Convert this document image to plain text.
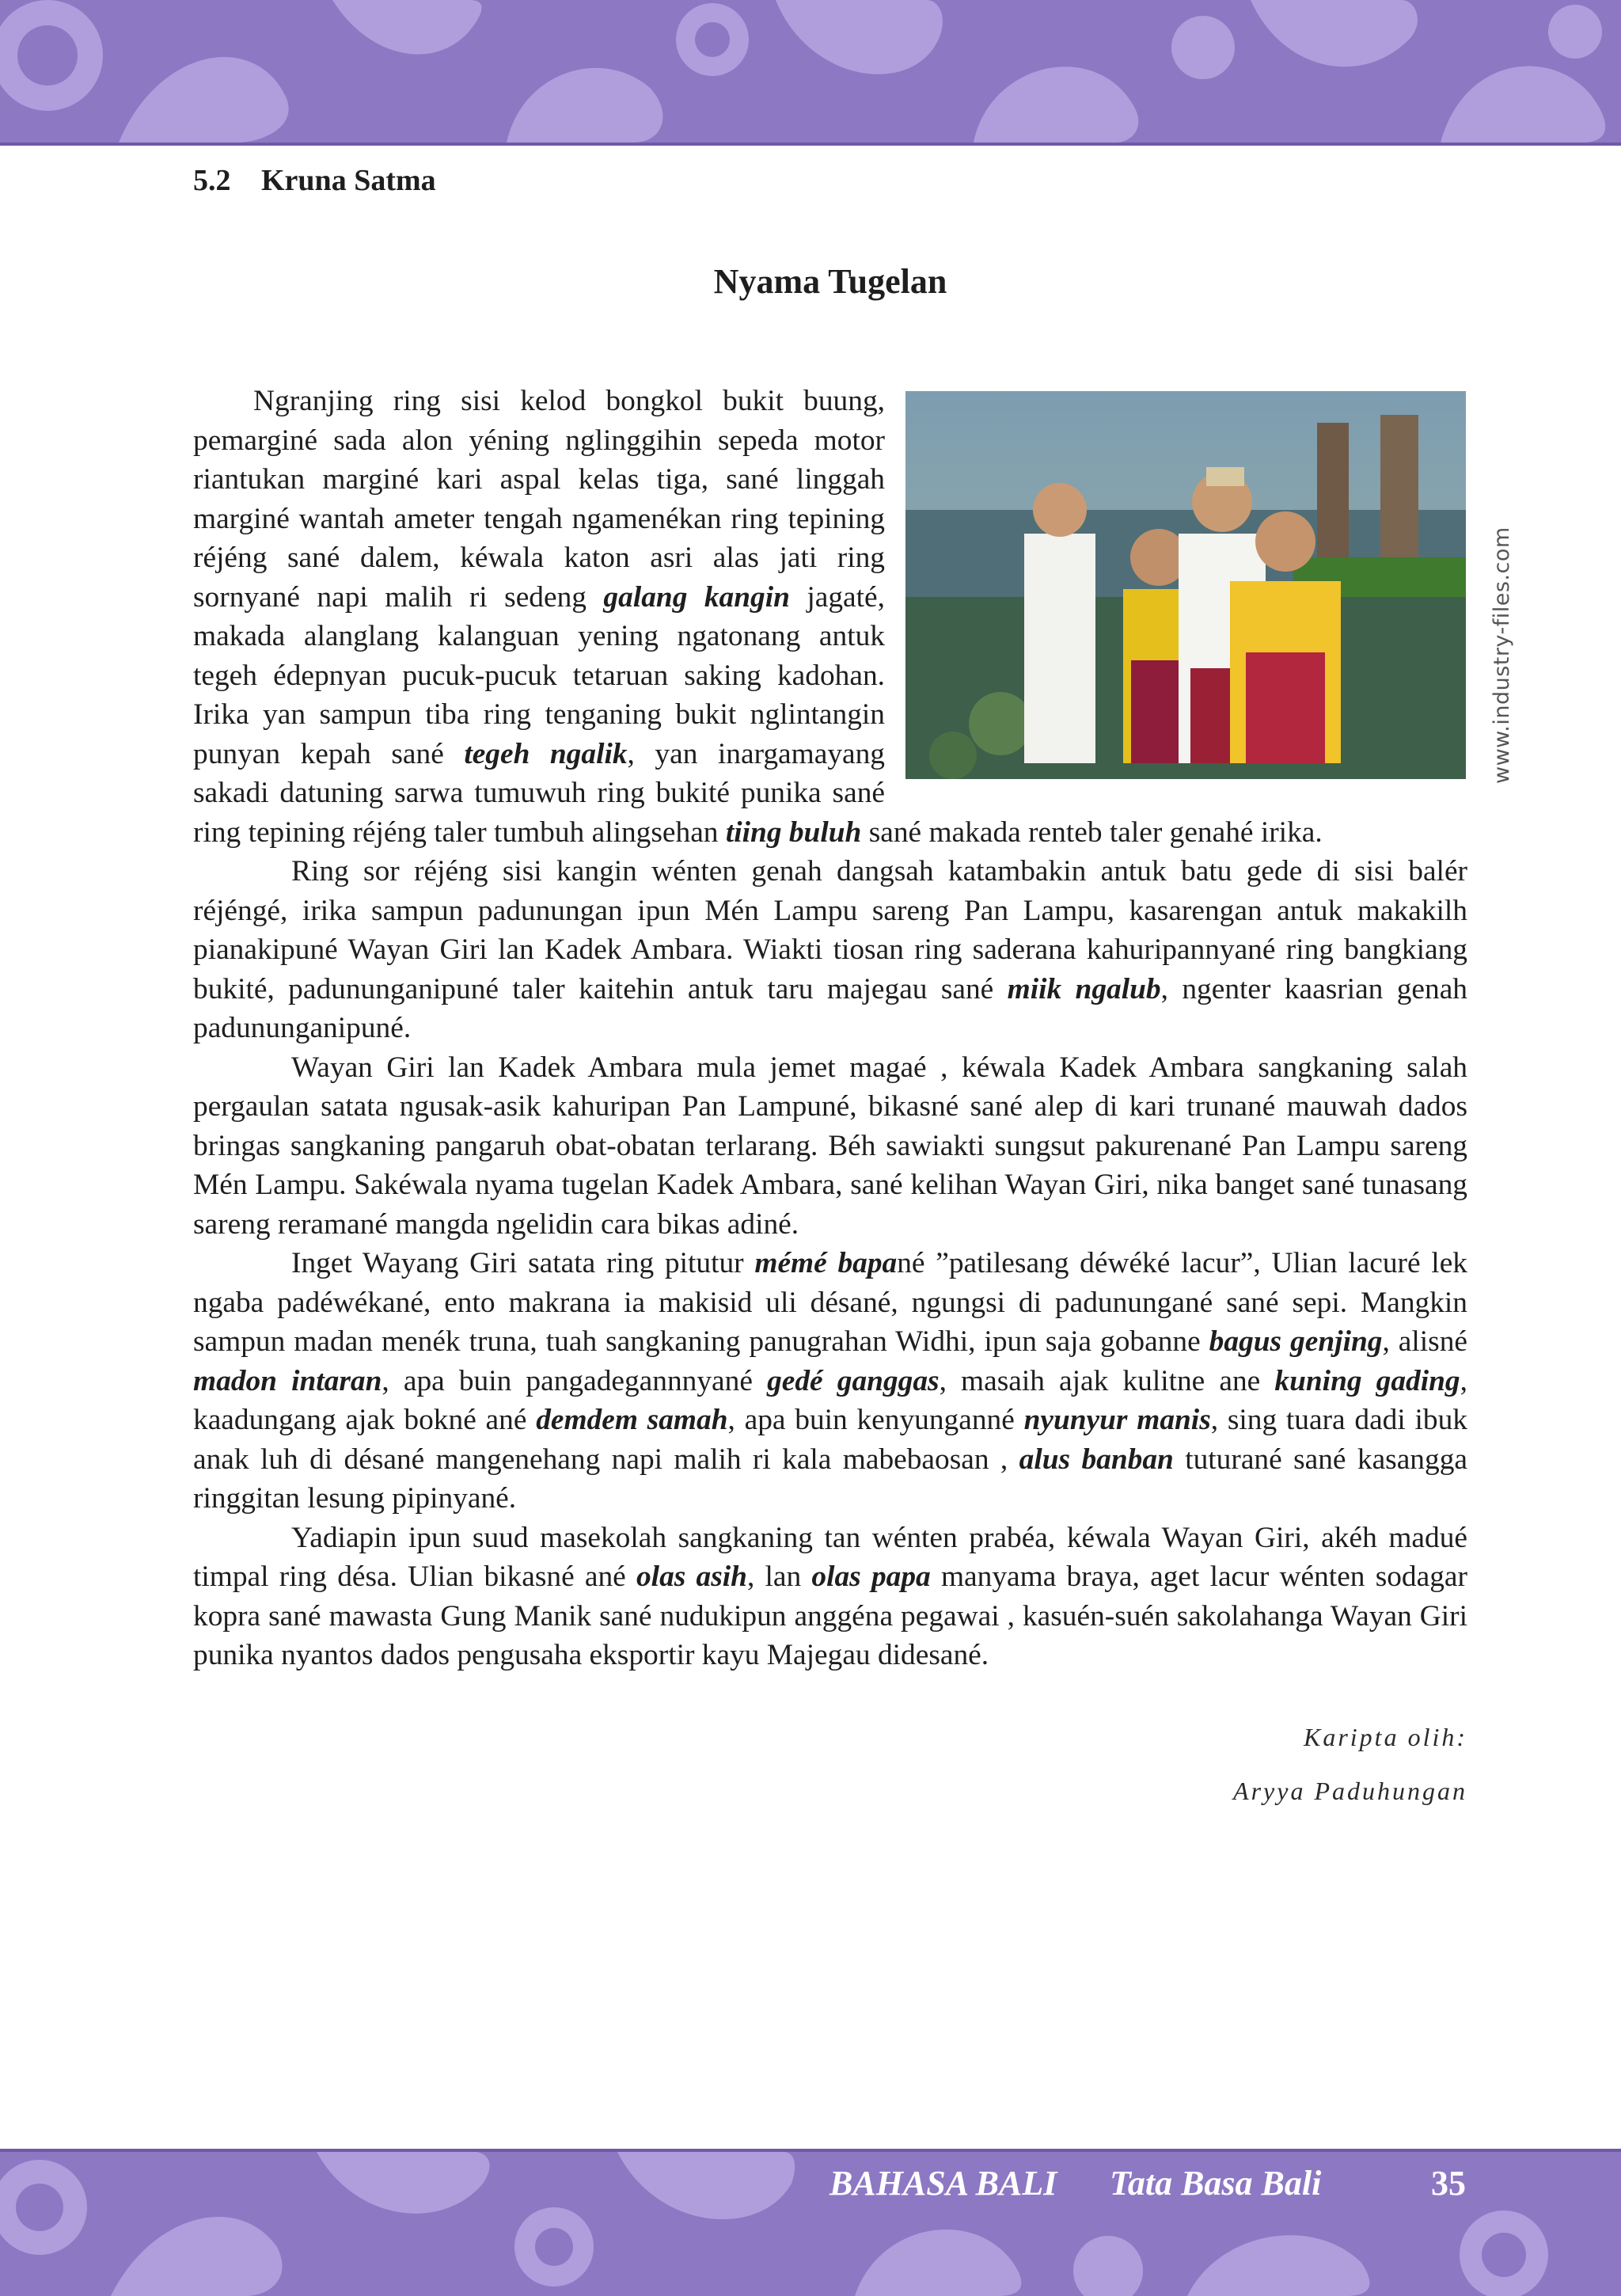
5.2 Kruna Satma
Nyama Tugelan

Ngranjing ring sisi kelod bongkol bukit buung, pemarginé sada alon yéning nglinggihin sepeda motor riantukan marginé kari aspal kelas tiga, sané linggah marginé wantah ameter tengah ngamenékan ring tepining réjéng sané dalem, kéwala katon asri alas jati ring sornyané napi malih ri sedeng galang kangin jagaté, makada alanglang kalanguan yening ngatonang antuk tegeh édepnyan pucuk-pucuk tetaruan saking kadohan. Irika yan sampun tiba ring tenganing bukit nglintangin punyan kepah sané tegeh ngalik, yan inargamayang sakadi datuning sarwa tumuwuh ring bukité punika sané ring tepining réjéng taler tumbuh alingsehan tiing buluh sané makada renteb taler genahé irika.

Ring sor réjéng sisi kangin wénten genah dangsah katambakin antuk batu gede di sisi balér réjéngé, irika sampun padunungan ipun Mén Lampu sareng Pan Lampu, kasarengan antuk makakilh pianakipuné Wayan Giri lan Kadek Ambara. Wiakti tiosan ring saderana kahuripannyané ring bangkiang bukité, padununganipuné taler kaitehin antuk taru majegau sané miik ngalub, ngenter kaasrian genah padununganipuné.

Wayan Giri lan Kadek Ambara mula jemet magaé , kéwala Kadek Ambara sangkaning salah pergaulan satata ngusak-asik kahuripan Pan Lampuné, bikasné sané alep di kari trunané mauwah dados bringas sangkaning pangaruh obat-obatan terlarang. Béh sawiakti sungsut pakurenané Pan Lampu sareng Mén Lampu. Sakéwala nyama tugelan Kadek Ambara, sané kelihan Wayan Giri, nika banget sané tunasang sareng reramané mangda ngelidin cara bikas adiné.

Inget Wayang Giri satata ring pitutur mémé bapané ”patilesang déwéké lacur”, Ulian lacuré lek ngaba padéwékané, ento makrana ia makisid uli désané, ngungsi di padunungané sané sepi. Mangkin sampun madan menék truna, tuah sangkaning panugrahan Widhi, ipun saja gobanne bagus genjing, alisné madon intaran, apa buin pangadegannnyané gedé ganggas, masaih ajak kulitne ane kuning gading, kaadungang ajak bokné ané demdem samah, apa buin kenyunganné nyunyur manis, sing tuara dadi ibuk anak luh di désané mangenehang napi malih ri kala mabebaosan , alus banban tuturané sané kasangga ringgitan lesung pipinyané.

Yadiapin ipun suud masekolah sangkaning tan wénten prabéa, kéwala Wayan Giri, akéh madué timpal ring désa. Ulian bikasné ané olas asih, lan olas papa manyama braya, aget lacur wénten sodagar kopra sané mawasta Gung Manik sané nudukipun anggéna pegawai , kasuén-suén sakolahanga Wayan Giri punika nyantos dados pengusaha eksportir kayu Majegau didesané.

www.industry-files.com
Karipta olih:
Aryya Paduhungan
BAHASA BALI Tata Basa Bali	35
